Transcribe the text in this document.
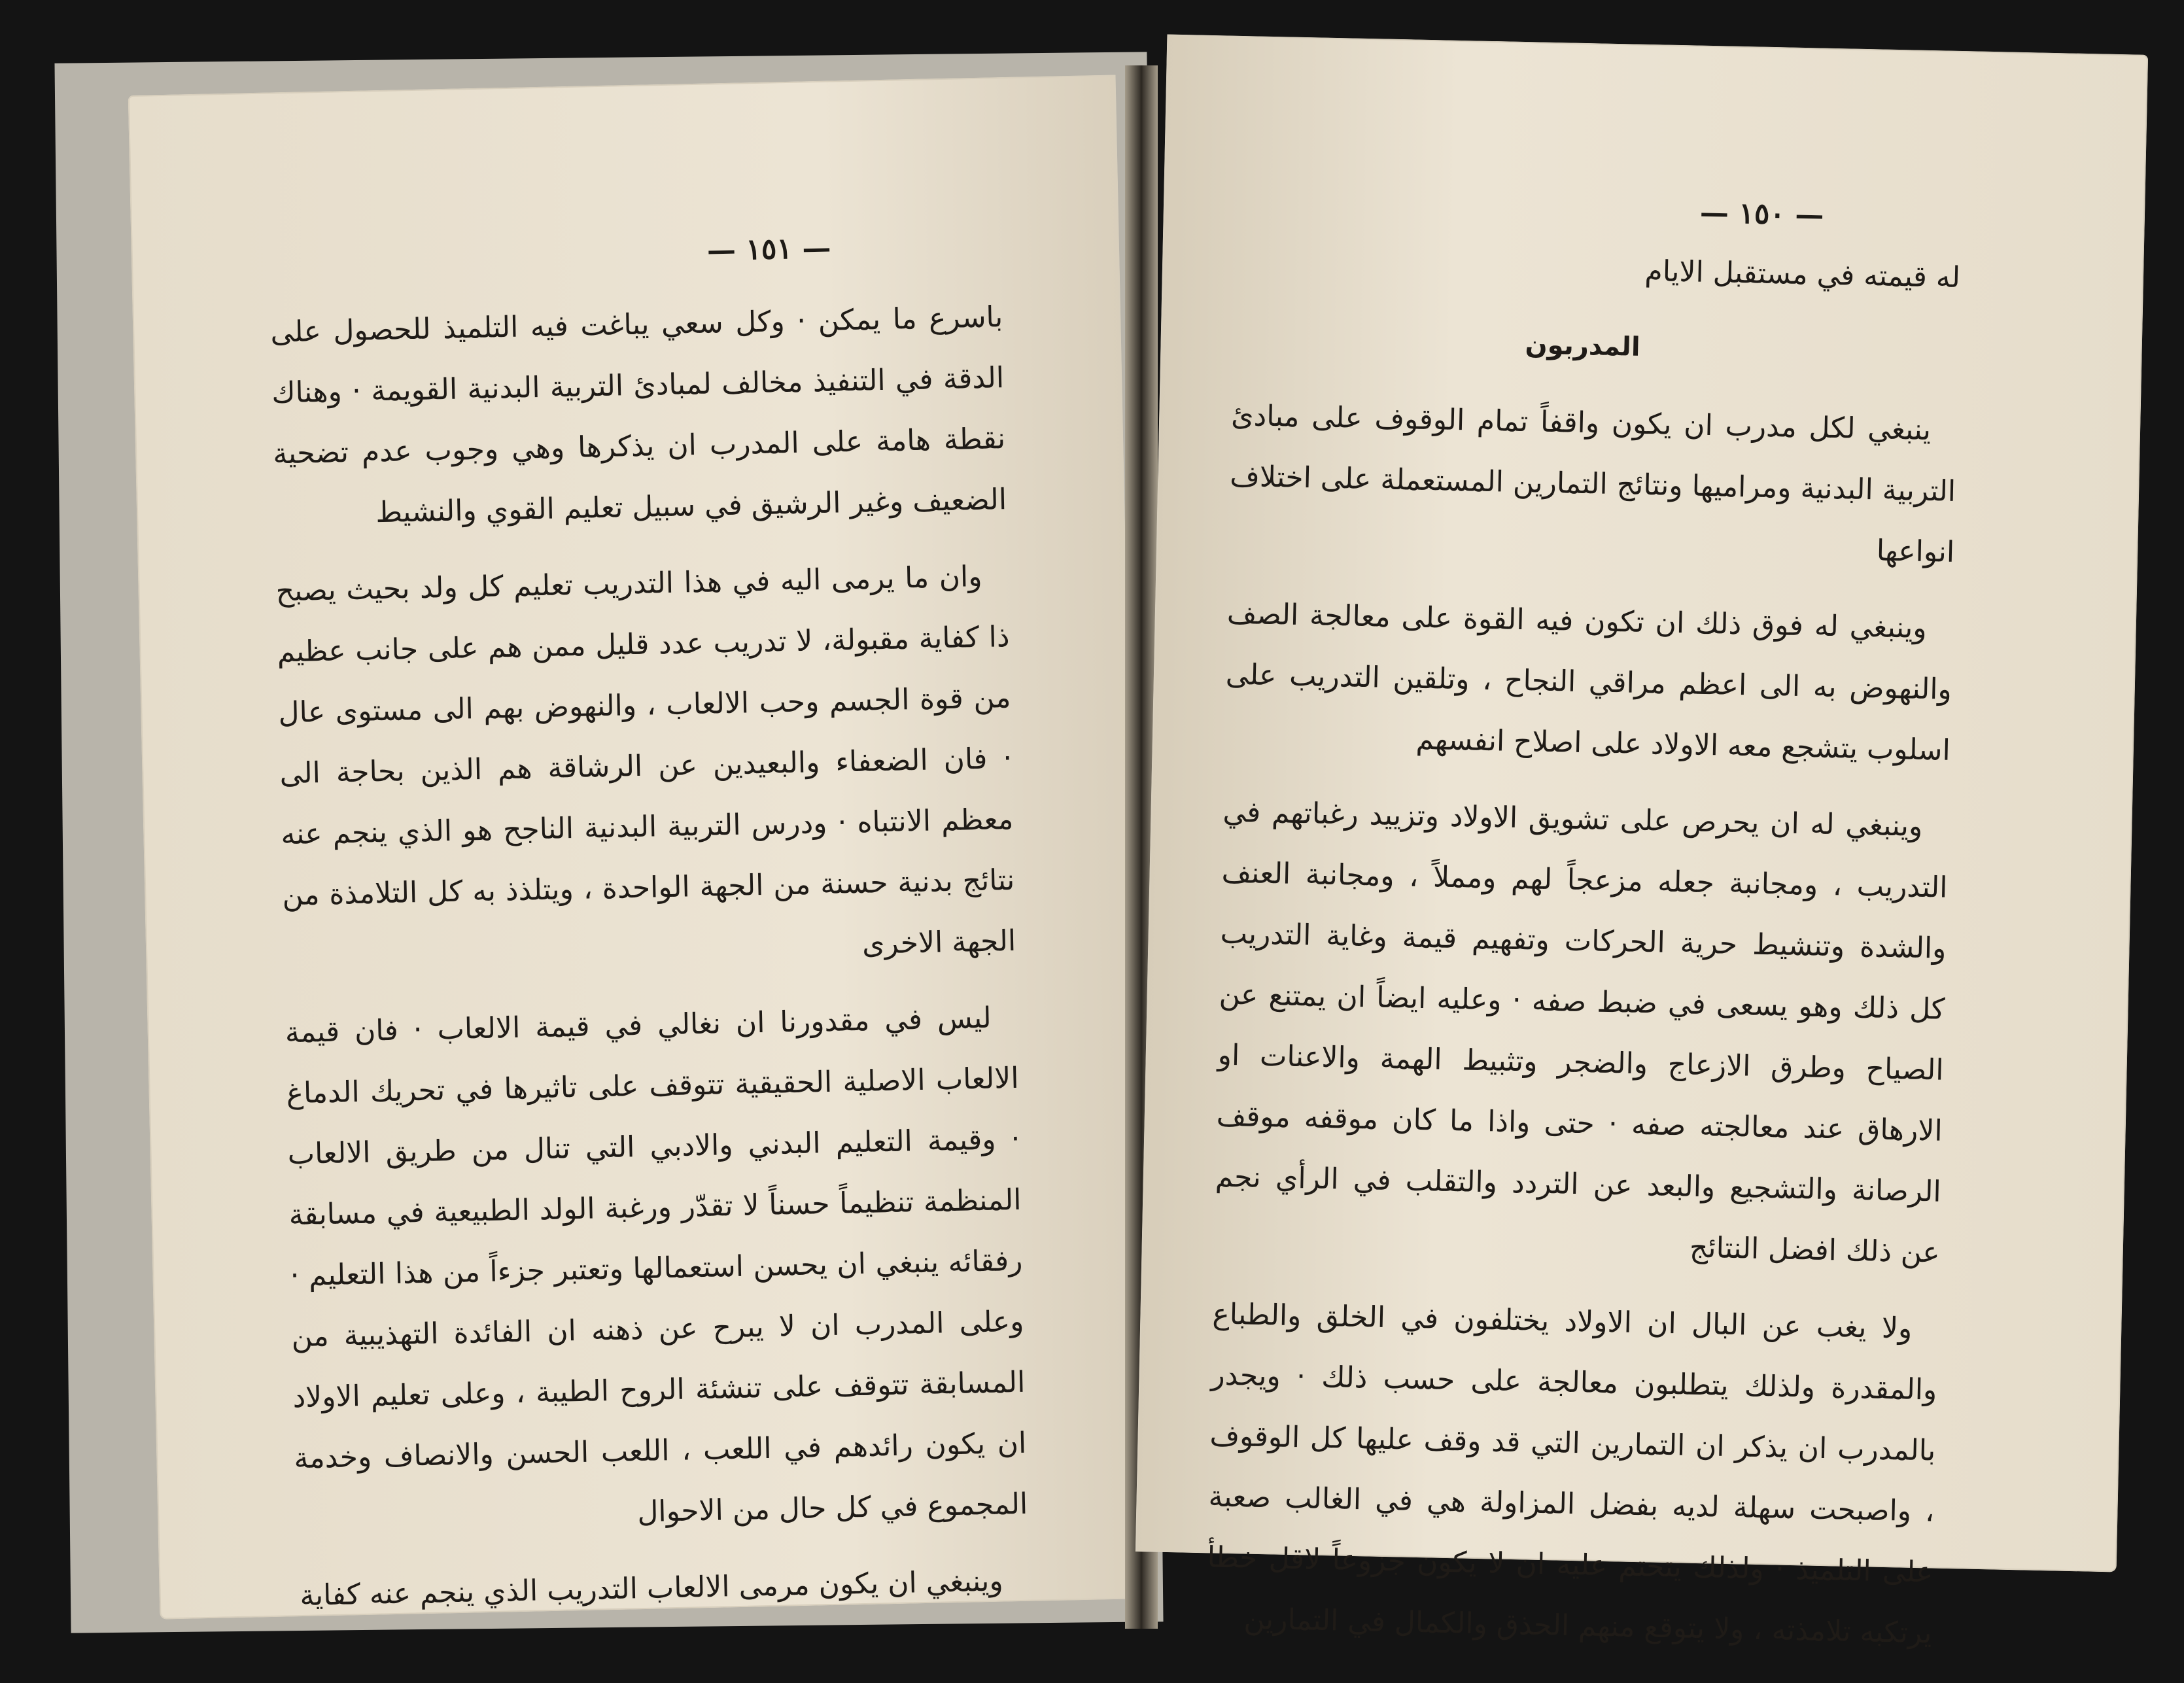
— ١٥١ —

باسرع ما يمكن · وكل سعي يباغت فيه التلميذ للحصول على الدقة في التنفيذ مخالف لمبادئ التربية البدنية القويمة · وهناك نقطة هامة على المدرب ان يذكرها وهي وجوب عدم تضحية الضعيف وغير الرشيق في سبيل تعليم القوي والنشيط

وان ما يرمى اليه في هذا التدريب تعليم كل ولد بحيث يصبح ذا كفاية مقبولة، لا تدريب عدد قليل ممن هم على جانب عظيم من قوة الجسم وحب الالعاب ، والنهوض بهم الى مستوى عال · فان الضعفاء والبعيدين عن الرشاقة هم الذين بحاجة الى معظم الانتباه · ودرس التربية البدنية الناجح هو الذي ينجم عنه نتائج بدنية حسنة من الجهة الواحدة ، ويتلذذ به كل التلامذة من الجهة الاخرى

ليس في مقدورنا ان نغالي في قيمة الالعاب · فان قيمة الالعاب الاصلية الحقيقية تتوقف على تاثيرها في تحريك الدماغ · وقيمة التعليم البدني والادبي التي تنال من طريق الالعاب المنظمة تنظيماً حسناً لا تقدّر ورغبة الولد الطبيعية في مسابقة رفقائه ينبغي ان يحسن استعمالها وتعتبر جزءاً من هذا التعليم · وعلى المدرب ان لا يبرح عن ذهنه ان الفائدة التهذيبية من المسابقة تتوقف على تنشئة الروح الطيبة ، وعلى تعليم الاولاد ان يكون رائدهم في اللعب ، اللعب الحسن والانصاف وخدمة المجموع في كل حال من الاحوال

وينبغي ان يكون مرمى الالعاب التدريب الذي ينجم عنه كفاية

— ١٥٠ —

له قيمته في مستقبل الايام

المدربون

ينبغي لكل مدرب ان يكون واقفاً تمام الوقوف على مبادئ التربية البدنية ومراميها ونتائج التمارين المستعملة على اختلاف انواعها

وينبغي له فوق ذلك ان تكون فيه القوة على معالجة الصف والنهوض به الى اعظم مراقي النجاح ، وتلقين التدريب على اسلوب يتشجع معه الاولاد على اصلاح انفسهم

وينبغي له ان يحرص على تشويق الاولاد وتزييد رغباتهم في التدريب ، ومجانبة جعله مزعجاً لهم ومملاً ، ومجانبة العنف والشدة وتنشيط حرية الحركات وتفهيم قيمة وغاية التدريب كل ذلك وهو يسعى في ضبط صفه · وعليه ايضاً ان يمتنع عن الصياح وطرق الازعاج والضجر وتثبيط الهمة والاعنات او الارهاق عند معالجته صفه · حتى واذا ما كان موقفه موقف الرصانة والتشجيع والبعد عن التردد والتقلب في الرأي نجم عن ذلك افضل النتائج

ولا يغب عن البال ان الاولاد يختلفون في الخلق والطباع والمقدرة ولذلك يتطلبون معالجة على حسب ذلك · ويجدر بالمدرب ان يذكر ان التمارين التي قد وقف عليها كل الوقوف ، واصبحت سهلة لديه بفضل المزاولة هي في الغالب صعبة على التلميذ · ولذلك يتحتم عليه ان لا يكون جزوعاً لاقل خطأ يرتكبه تلامذته ، ولا يتوقع منهم الحذق والكمال في التمارين
